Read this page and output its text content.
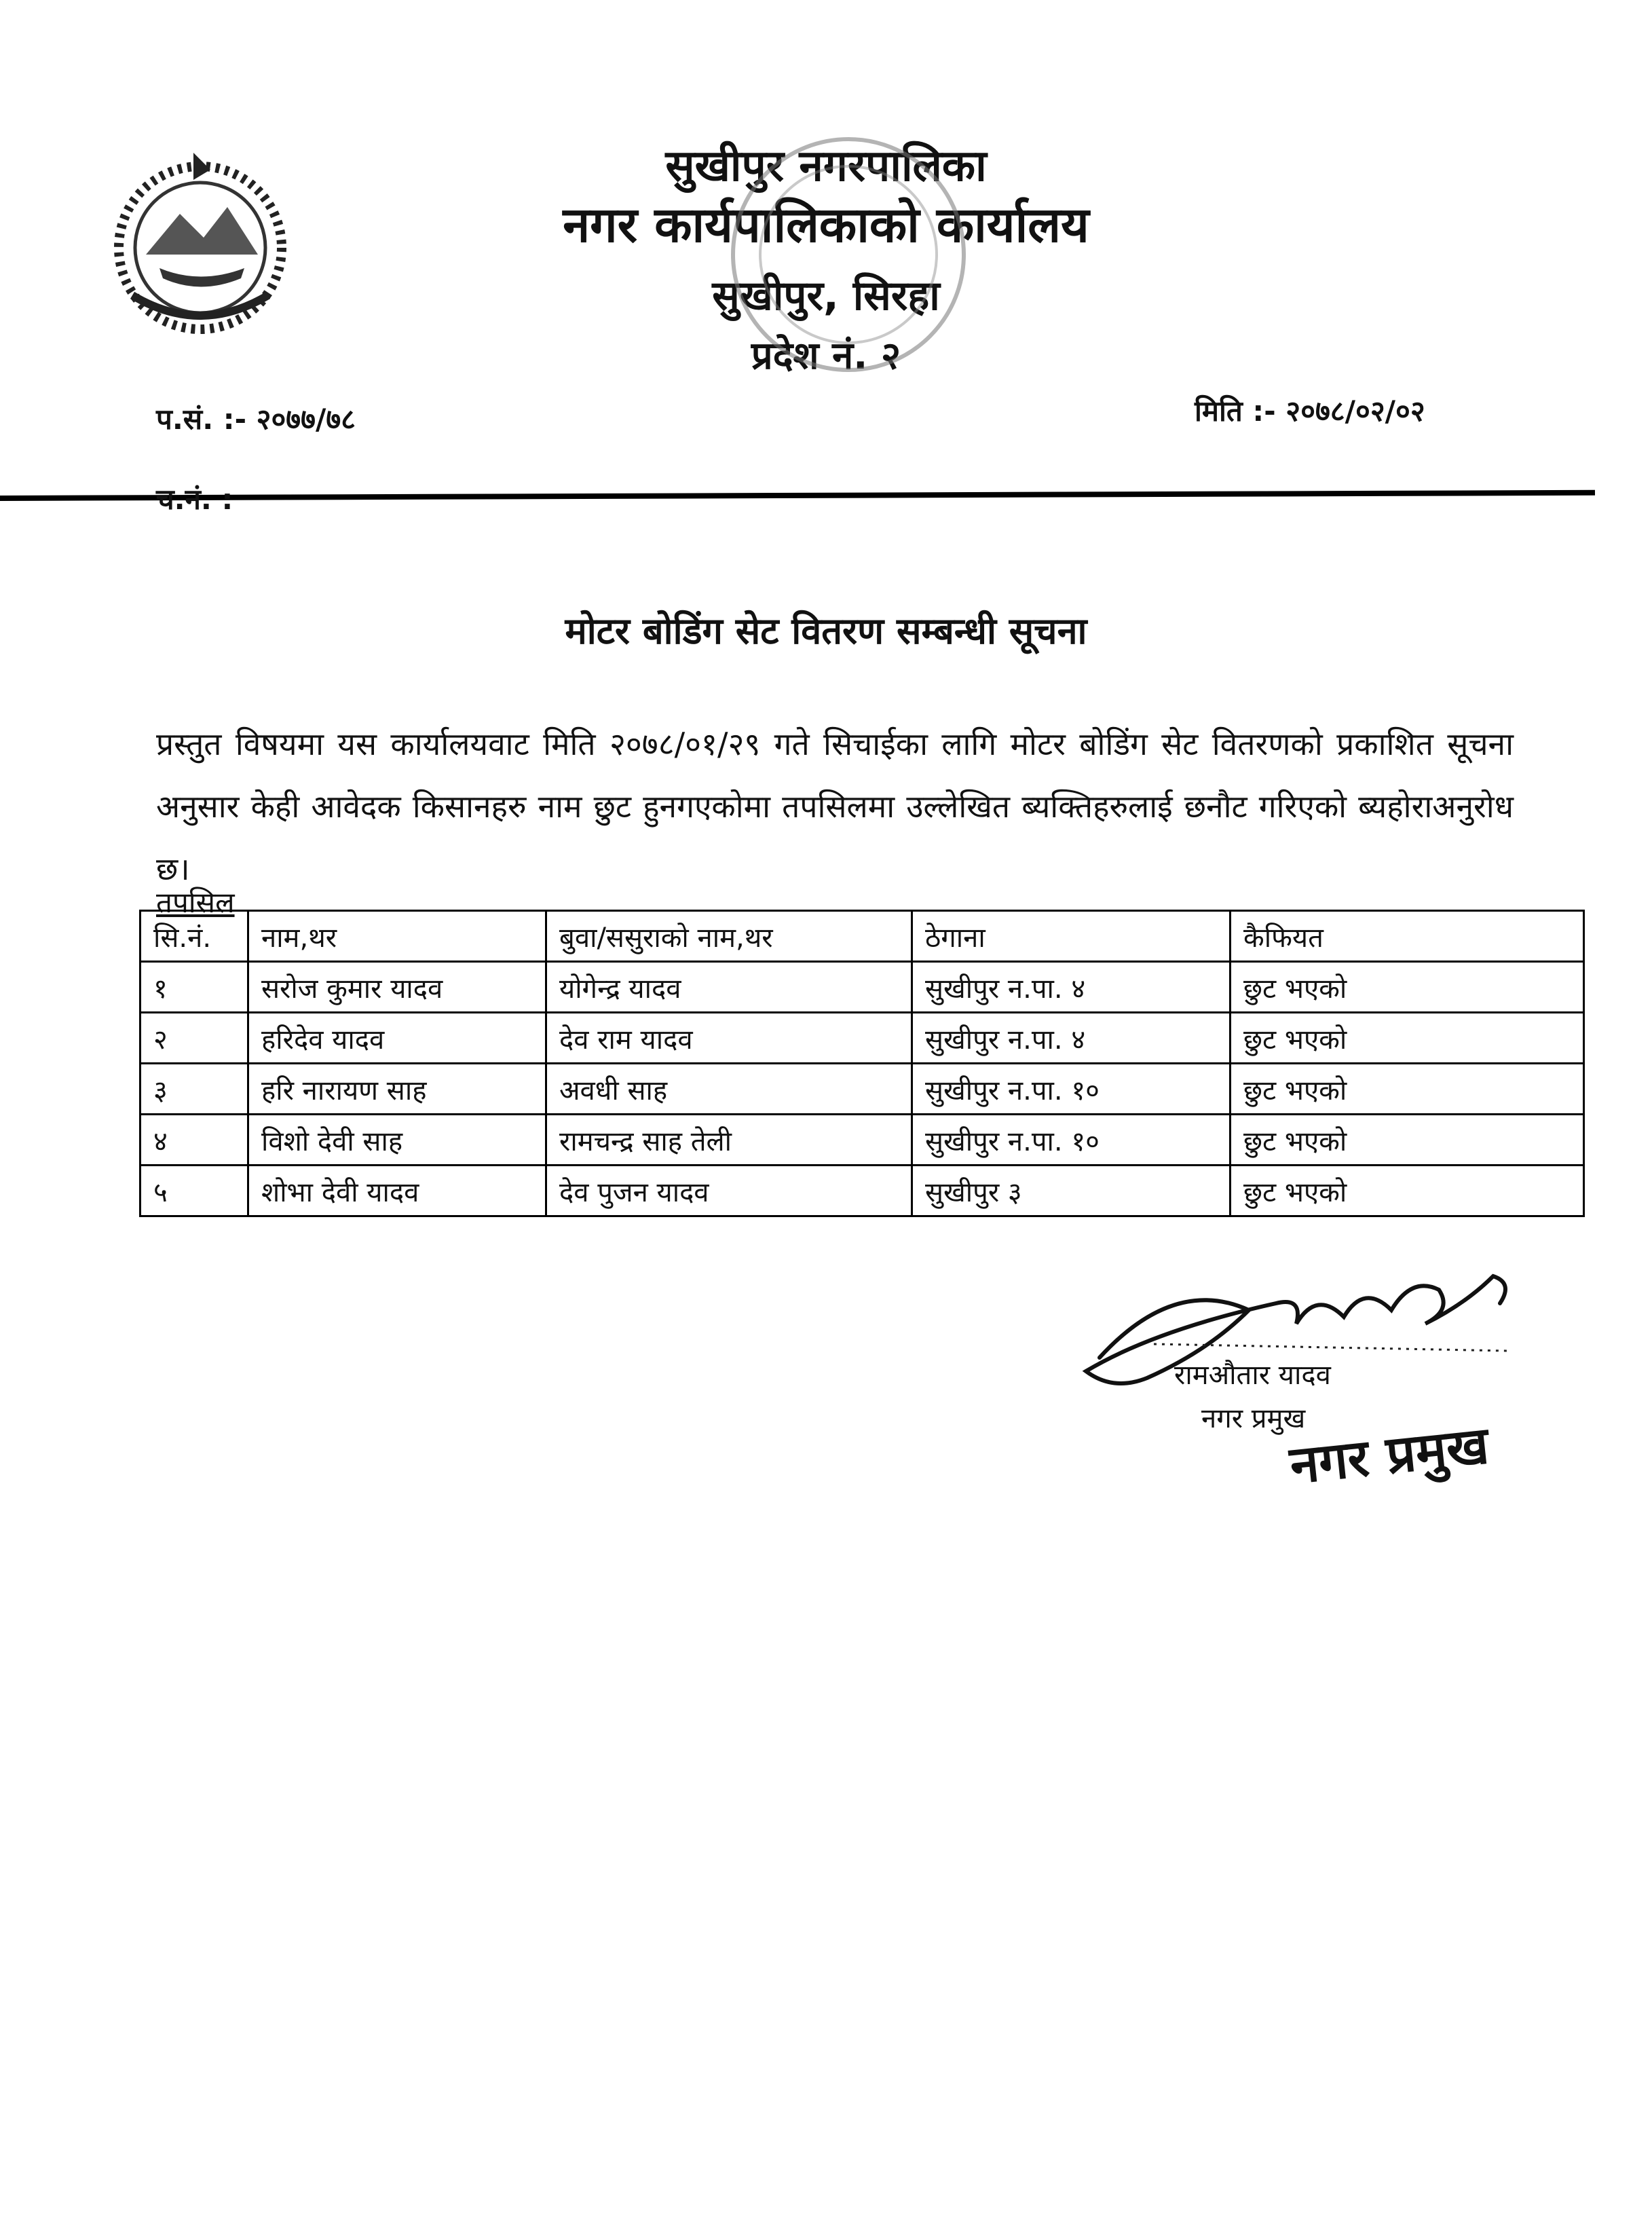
सुखीपुर नगरपालिका
नगर कार्यपालिकाको कार्यालय
सुखीपुर, सिरहा
प्रदेश नं. २
प.सं. :- २०७७/७८	मिति :- २०७८/०२/०२
च.नं. :
मोटर बोडिंग सेट वितरण सम्बन्धी सूचना
प्रस्तुत विषयमा यस कार्यालयवाट मिति २०७८/०१/२९ गते सिचाईका लागि मोटर बोडिंग सेट वितरणको प्रकाशित सूचना अनुसार केही आवेदक किसानहरु नाम छुट हुनगएकोमा तपसिलमा उल्लेखित ब्यक्तिहरुलाई छनौट गरिएको ब्यहोराअनुरोध छ।
तपसिल
सि.नं.	नाम,थर	बुवा/ससुराको नाम,थर	ठेगाना	कैफियत
१	सरोज कुमार यादव	योगेन्द्र यादव	सुखीपुर न.पा. ४	छुट भएको
२	हरिदेव यादव	देव राम यादव	सुखीपुर न.पा. ४	छुट भएको
३	हरि नारायण साह	अवधी साह	सुखीपुर न.पा. १०	छुट भएको
४	विशो देवी साह	रामचन्द्र साह तेली	सुखीपुर न.पा. १०	छुट भएको
५	शोभा देवी यादव	देव पुजन यादव	सुखीपुर ३	छुट भएको
रामऔतार यादव
नगर प्रमुख
नगर प्रमुख
